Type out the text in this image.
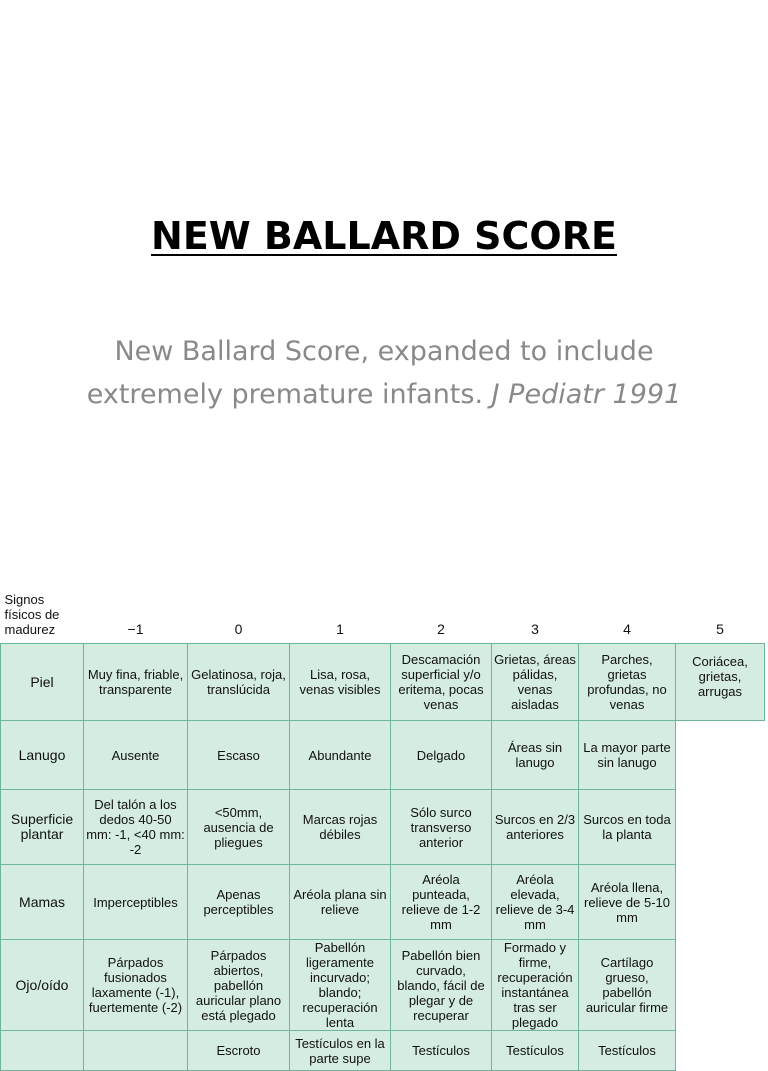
NEW BALLARD SCORE
New Ballard Score, expanded to include extremely premature infants. J Pediatr 1991
Signos físicos de madurez	−1	0	1	2	3	4	5
Piel	Muy fina, friable, transparente	Gelatinosa, roja, translúcida	Lisa, rosa, venas visibles	Descamación superficial y/o eritema, pocas venas	Grietas, áreas pálidas, venas aisladas	Parches, grietas profundas, no venas	Coriácea, grietas, arrugas
Lanugo	Ausente	Escaso	Abundante	Delgado	Áreas sin lanugo	La mayor parte sin lanugo	
Superficie plantar	Del talón a los dedos 40-50 mm: -1, <40 mm: -2	<50mm, ausencia de pliegues	Marcas rojas débiles	Sólo surco transverso anterior	Surcos en 2/3 anteriores	Surcos en toda la planta	
Mamas	Imperceptibles	Apenas perceptibles	Aréola plana sin relieve	Aréola punteada, relieve de 1-2 mm	Aréola elevada, relieve de 3-4 mm	Aréola llena, relieve de 5-10 mm	
Ojo/oído	Párpados fusionados laxamente (-1), fuertemente (-2)	Párpados abiertos, pabellón auricular plano está plegado	Pabellón ligeramente incurvado; blando; recuperación lenta	Pabellón bien curvado, blando, fácil de plegar y de recuperar	Formado y firme, recuperación instantánea tras ser plegado	Cartílago grueso, pabellón auricular firme	
		Escroto	Testículos en la parte supe	Testículos	Testículos	Testículos	
